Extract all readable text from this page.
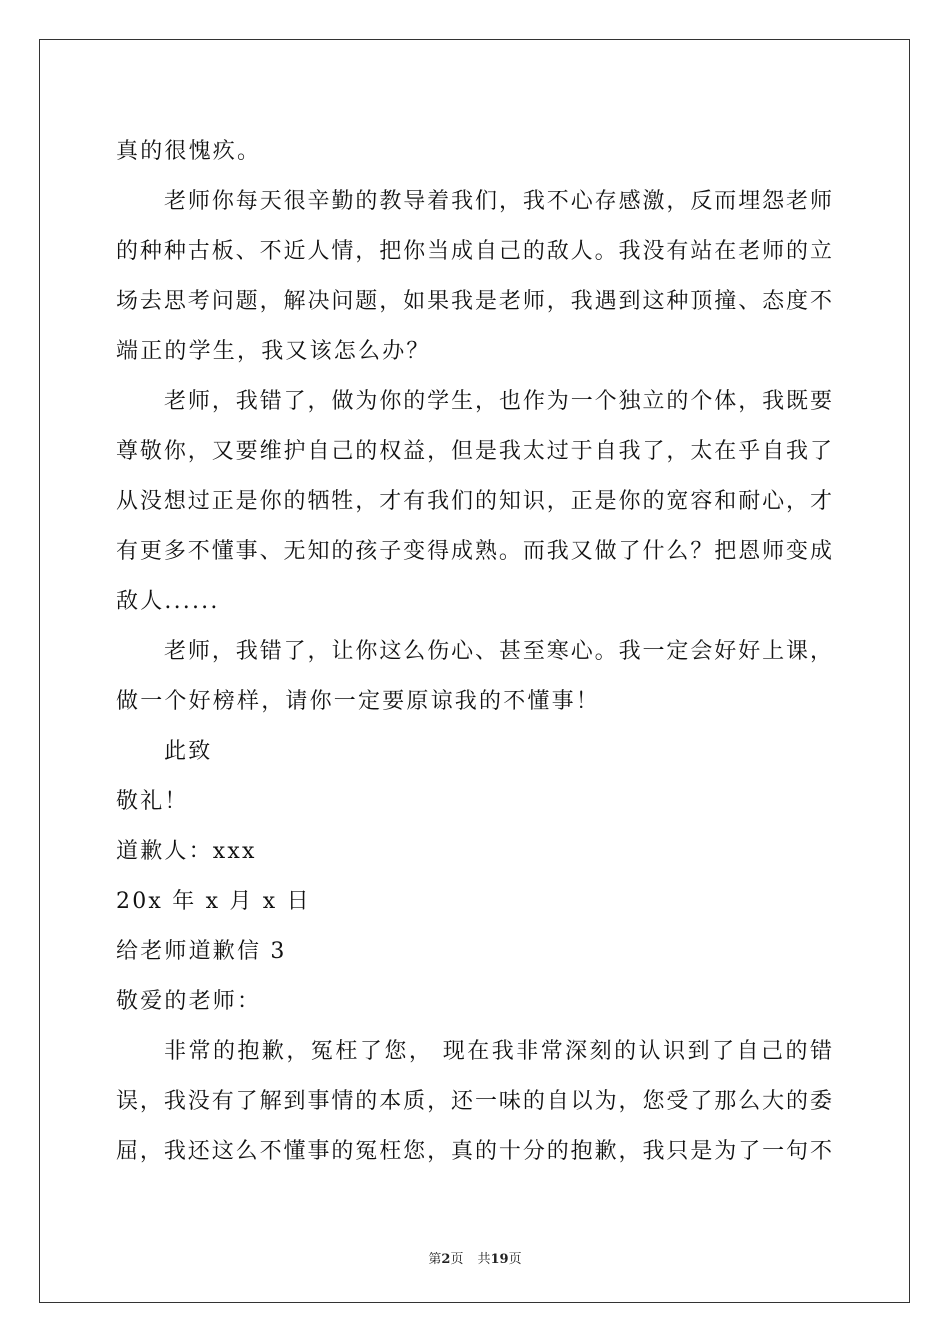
真的很愧疚。
老师你每天很辛勤的教导着我们，我不心存感激，反而埋怨老师
的种种古板、不近人情，把你当成自己的敌人。我没有站在老师的立
场去思考问题，解决问题，如果我是老师，我遇到这种顶撞、态度不
端正的学生，我又该怎么办？
老师，我错了，做为你的学生，也作为一个独立的个体，我既要
尊敬你，又要维护自己的权益，但是我太过于自我了，太在乎自我了
从没想过正是你的牺牲，才有我们的知识，正是你的宽容和耐心，才
有更多不懂事、无知的孩子变得成熟。而我又做了什么？把恩师变成
敌人......
老师，我错了，让你这么伤心、甚至寒心。我一定会好好上课，
做一个好榜样，请你一定要原谅我的不懂事！
此致
敬礼！
道歉人：xxx
20x 年 x 月 x 日
给老师道歉信 3
敬爱的老师：
非常的抱歉，冤枉了您， 现在我非常深刻的认识到了自己的错
误，我没有了解到事情的本质，还一味的自以为，您受了那么大的委
屈，我还这么不懂事的冤枉您，真的十分的抱歉，我只是为了一句不
第2页 共19页
